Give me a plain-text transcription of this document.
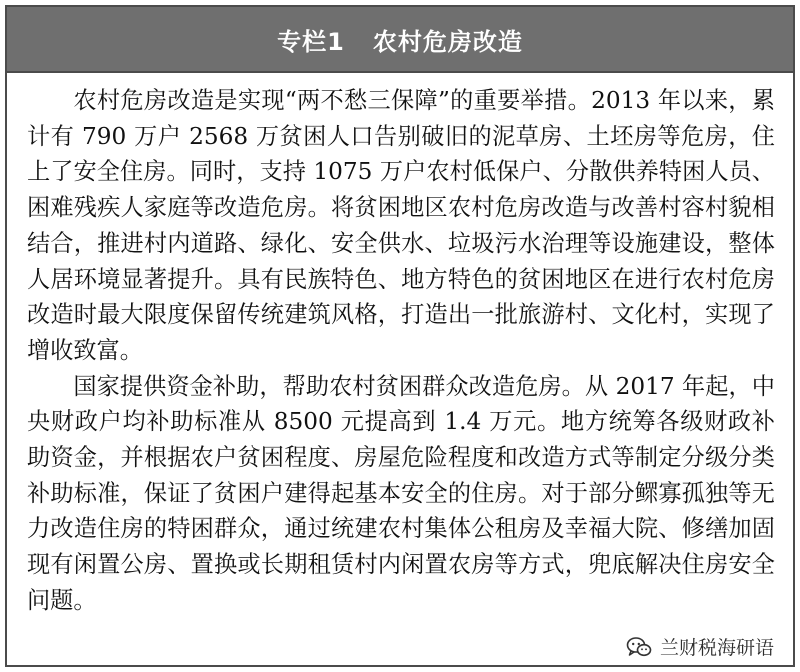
专栏1 农村危房改造

农村危房改造是实现“两不愁三保障”的重要举措。2013 年以来，累计有 790 万户 2568 万贫困人口告别破旧的泥草房、土坯房等危房，住上了安全住房。同时，支持 1075 万户农村低保户、分散供养特困人员、困难残疾人家庭等改造危房。将贫困地区农村危房改造与改善村容村貌相结合，推进村内道路、绿化、安全供水、垃圾污水治理等设施建设，整体人居环境显著提升。具有民族特色、地方特色的贫困地区在进行农村危房改造时最大限度保留传统建筑风格，打造出一批旅游村、文化村，实现了增收致富。

国家提供资金补助，帮助农村贫困群众改造危房。从 2017 年起，中央财政户均补助标准从 8500 元提高到 1.4 万元。地方统筹各级财政补助资金，并根据农户贫困程度、房屋危险程度和改造方式等制定分级分类补助标准，保证了贫困户建得起基本安全的住房。对于部分鳏寡孤独等无力改造住房的特困群众，通过统建农村集体公租房及幸福大院、修缮加固现有闲置公房、置换或长期租赁村内闲置农房等方式，兜底解决住房安全问题。

兰财税海研语
